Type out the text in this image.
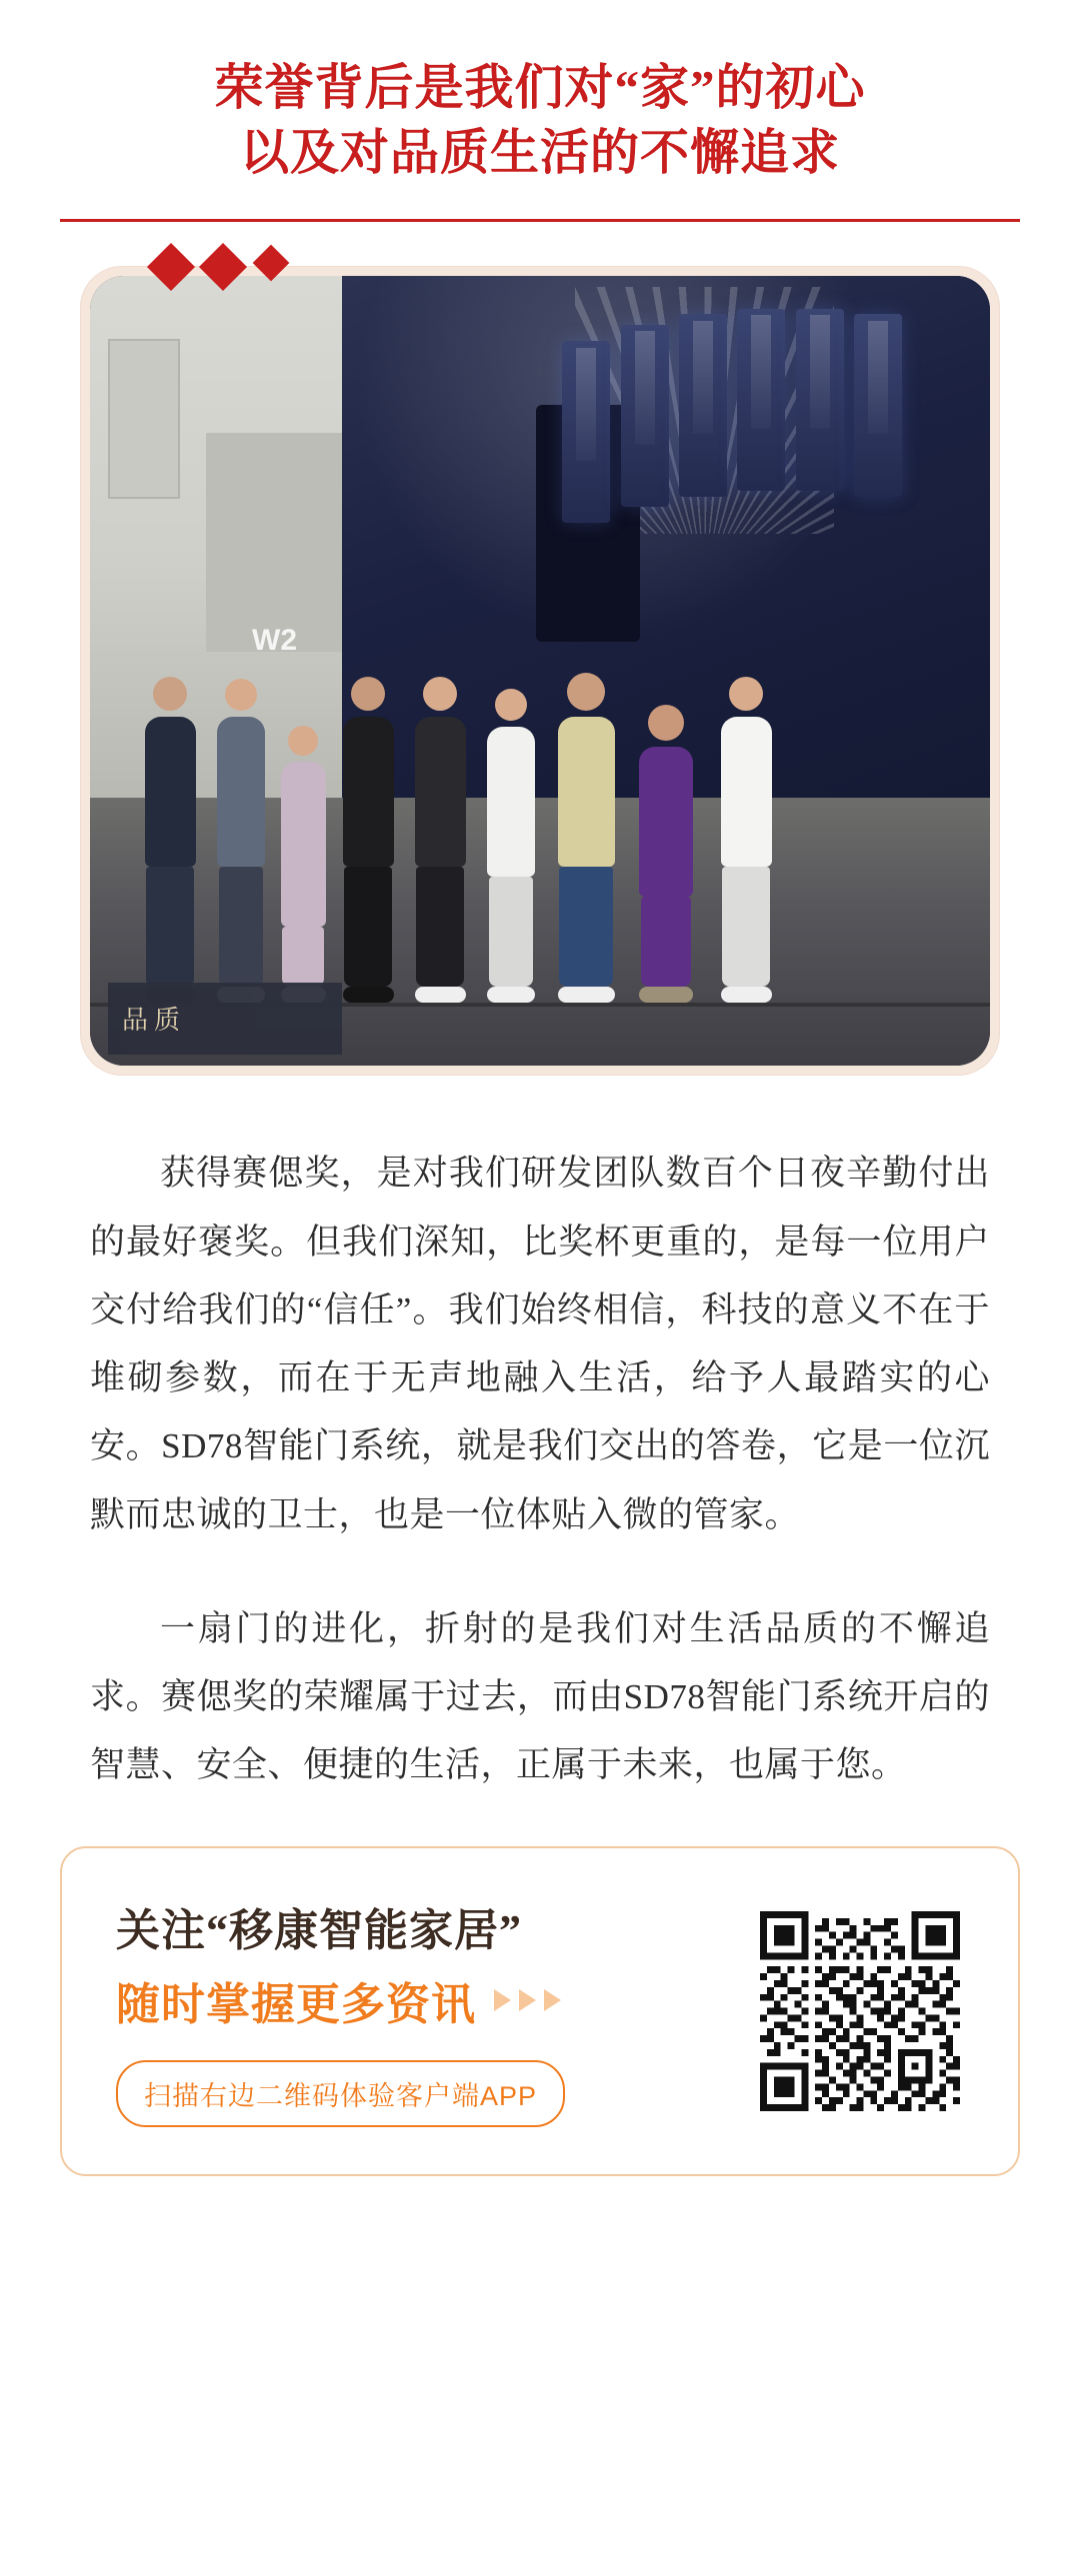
荣誉背后是我们对“家”的初心
以及对品质生活的不懈追求
W2
品质

获得赛偲奖，是对我们研发团队数百个日夜辛勤付出的最好褒奖。但我们深知，比奖杯更重的，是每一位用户交付给我们的“信任”。我们始终相信，科技的意义不在于堆砌参数，而在于无声地融入生活，给予人最踏实的心安。SD78智能门系统，就是我们交出的答卷，它是一位沉默而忠诚的卫士，也是一位体贴入微的管家。

一扇门的进化，折射的是我们对生活品质的不懈追求。赛偲奖的荣耀属于过去，而由SD78智能门系统开启的智慧、安全、便捷的生活，正属于未来，也属于您。

关注“移康智能家居”
随时掌握更多资讯
扫描右边二维码体验客户端APP
